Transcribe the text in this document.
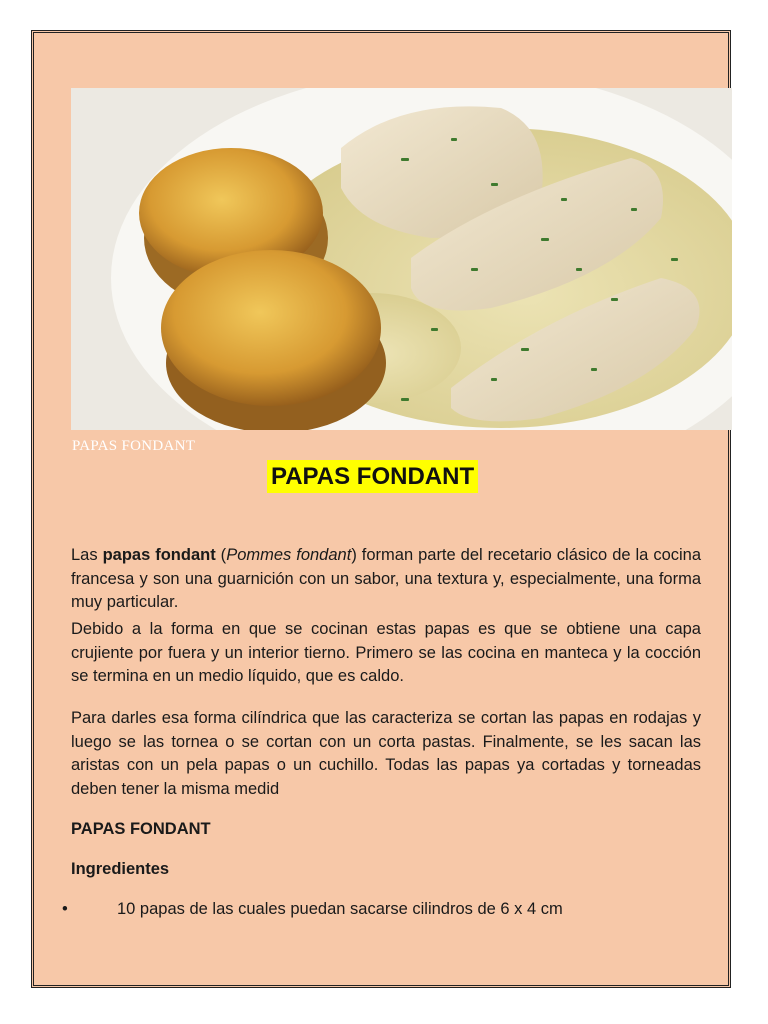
PAPAS FONDANT
PAPAS FONDANT
Las papas fondant (Pommes fondant) forman parte del recetario clásico de la cocina francesa y son una guarnición con un sabor, una textura y, especialmente, una forma muy particular.
Debido a la forma en que se cocinan estas papas es que se obtiene una capa crujiente por fuera y un interior tierno. Primero se las cocina en manteca y la cocción se termina en un medio líquido, que es caldo.
Para darles esa forma cilíndrica que las caracteriza se cortan las papas en rodajas y luego se las tornea o se cortan con un corta pastas. Finalmente, se les sacan las aristas con un pela papas o un cuchillo. Todas las papas ya cortadas y torneadas deben tener la misma medid
PAPAS FONDANT
Ingredientes
•	10 papas de las cuales puedan sacarse cilindros de 6 x 4 cm
